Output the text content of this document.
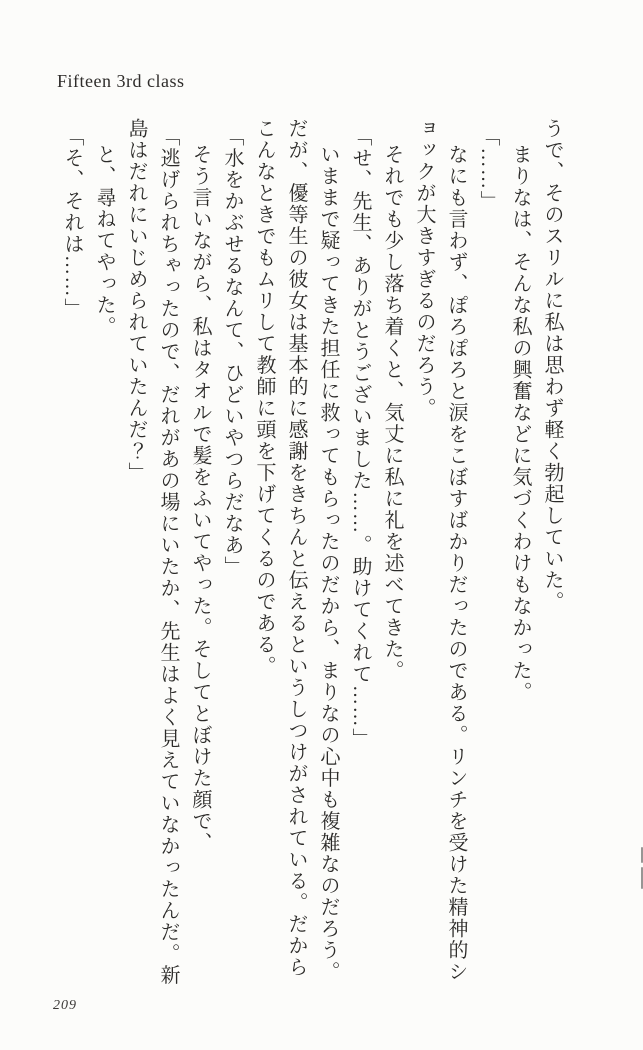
Fifteen 3rd class
うで、そのスリルに私は思わず軽く勃起していた。
まりなは、そんな私の興奮などに気づくわけもなかった。
「……」
なにも言わず、ぽろぽろと涙をこぼすばかりだったのである。リンチを受けた精神的シ
ョックが大きすぎるのだろう。
それでも少し落ち着くと、気丈に私に礼を述べてきた。
「せ、先生、ありがとうございました……。助けてくれて……」
いままで疑ってきた担任に救ってもらったのだから、まりなの心中も複雑なのだろう。
だが、優等生の彼女は基本的に感謝をきちんと伝えるというしつけがされている。だから
こんなときでもムリして教師に頭を下げてくるのである。
「水をかぶせるなんて、ひどいやつらだなあ」
そう言いながら、私はタオルで髪をふいてやった。そしてとぼけた顔で、
「逃げられちゃったので、だれがあの場にいたか、先生はよく見えていなかったんだ。新
島はだれにいじめられていたんだ？」
と、尋ねてやった。
「そ、それは……」
209
